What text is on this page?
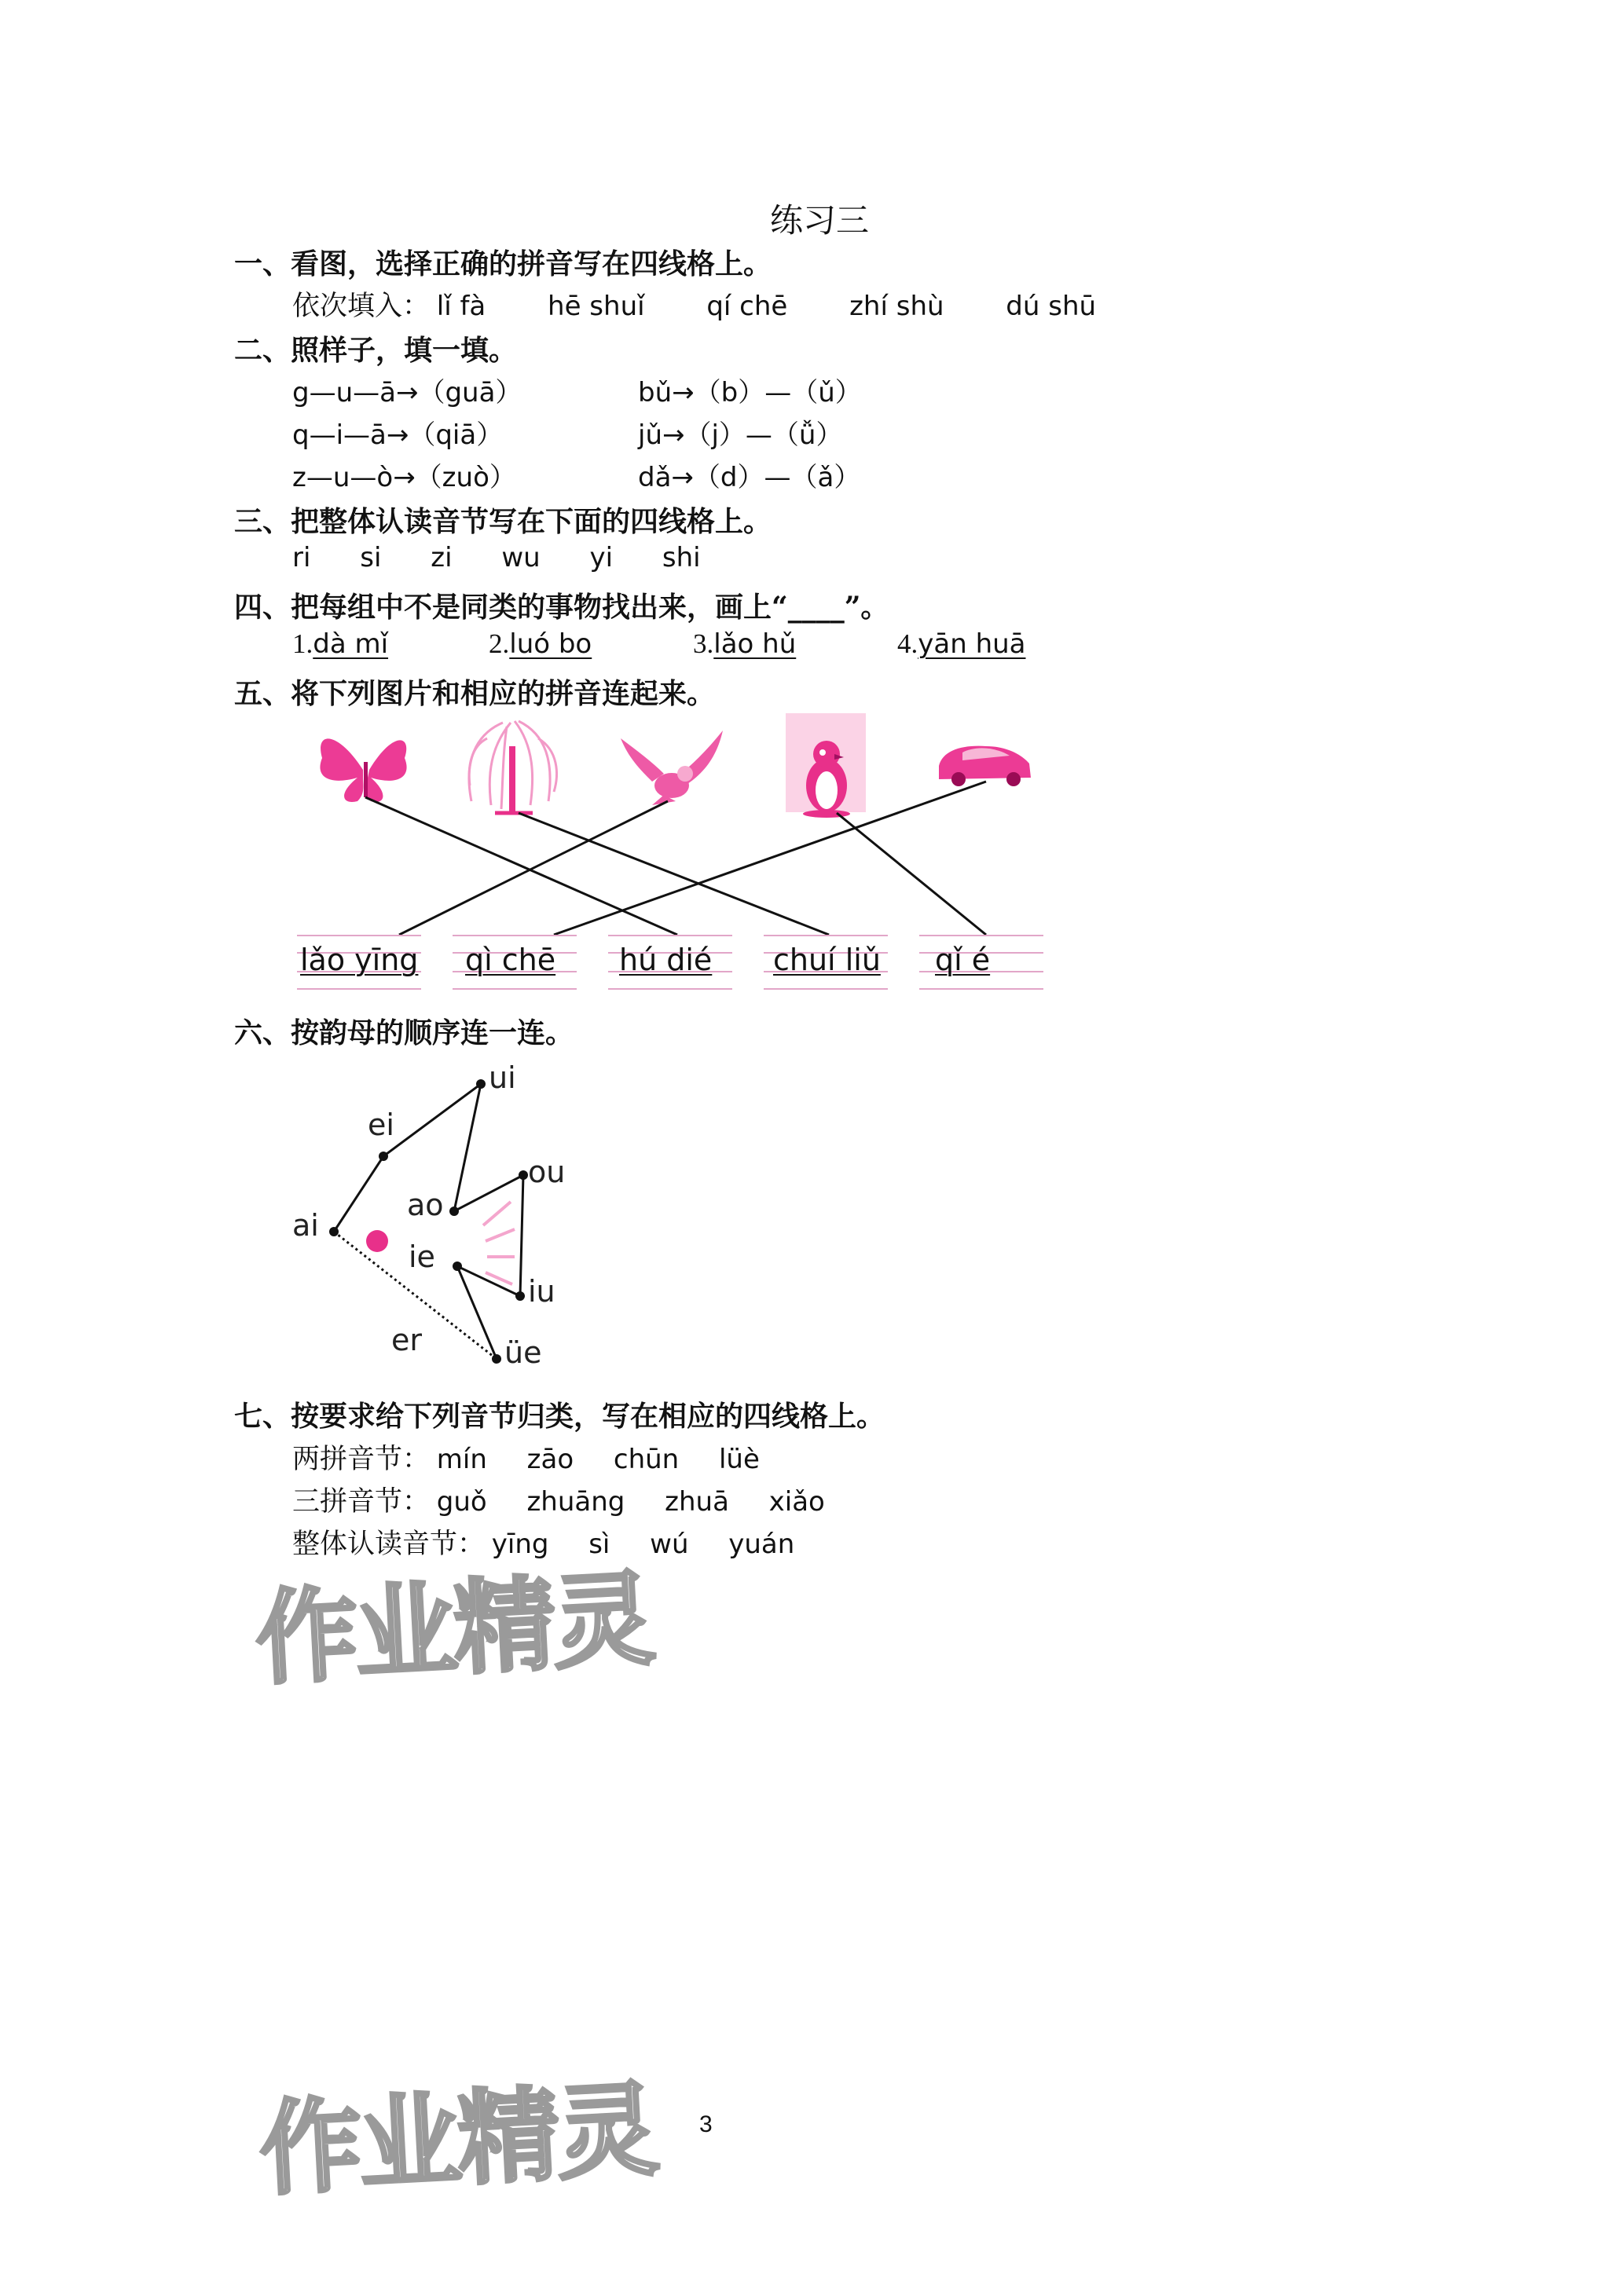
练习三
一、看图，选择正确的拼音写在四线格上。
依次填入： lǐ fà hē shuǐ qí chē zhí shù dú shū
二、照样子，填一填。
g—u—ā→（guā）
q—i—ā→（qiā）
z—u—ò→（zuò）
bǔ→（b）—（ǔ）
jǔ→（j）—（ǚ）
dǎ→（d）—（ǎ）
三、把整体认读音节写在下面的四线格上。
ri si zi wu yi shi
四、把每组中不是同类的事物找出来，画上“____”。
1.dà mǐ	2.luó bo	3.lǎo hǔ	4.yān huā
五、将下列图片和相应的拼音连起来。
lǎo yīng qì chē hú dié chuí liǔ qǐ é
六、按韵母的顺序连一连。
ui
ei
ou
ao
ai
ie
iu
er	üe
七、按要求给下列音节归类，写在相应的四线格上。
两拼音节： mín zāo chūn lüè
三拼音节： guǒ zhuāng zhuā xiǎo
整体认读音节： yīng sì wú yuán
作业精灵
作业精灵 3
